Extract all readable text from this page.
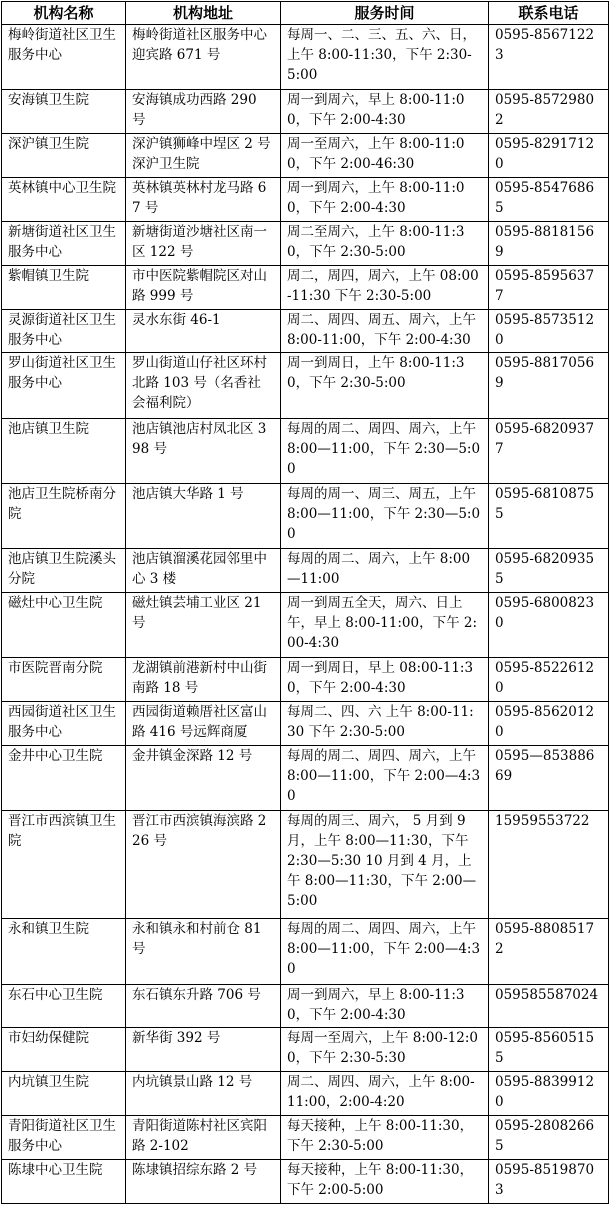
机构名称	机构地址	服务时间	联系电话
梅岭街道社区卫生服务中心	梅岭街道社区服务中心迎宾路 671 号	每周一、二、三、五、六、日，上午 8:00-11:30，下午 2:30-5:00	0595-85671223
安海镇卫生院	安海镇成功西路 290 号	周一到周六，早上 8:00-11:00，下午 2:00-4:30	0595-85729802
深沪镇卫生院	深沪镇狮峰中埕区 2 号深沪卫生院	周一至周六，上午 8:00-11:00，下午 2:00-46:30	0595-82917120
英林镇中心卫生院	英林镇英林村龙马路 67 号	周一到周六，上午 8:00-11:00，下午 2:00-4:30	0595-85476865
新塘街道社区卫生服务中心	新塘街道沙塘社区南一区 122 号	周二至周六，上午 8:00-11:30，下午 2:30-5:00	0595-88181569
紫帽镇卫生院	市中医院紫帽院区对山路 999 号	周二，周四，周六，上午 08:00-11:30 下午 2:30-5:00	0595-85956377
灵源街道社区卫生服务中心	灵水东街 46-1	周二、周四、周五、周六，上午 8:00-11:00，下午 2:00-4:30	0595-85735120
罗山街道社区卫生服务中心	罗山街道山仔社区环村北路 103 号（名香社会福利院）	周一到周日，上午 8:00-11:30，下午 2:30-5:00	0595-88170569
池店镇卫生院	池店镇池店村凤北区 398 号	每周的周二、周四、周六，上午 8:00—11:00，下午 2:30—5:00	0595-68209377
池店卫生院桥南分院	池店镇大华路 1 号	每周的周一、周三、周五，上午 8:00—11:00，下午 2:30—5:00	0595-68108755
池店镇卫生院溪头分院	池店镇溜溪花园邻里中心 3 楼	每周的周二、周六，上午 8:00—11:00	0595-68209355
磁灶中心卫生院	磁灶镇芸埔工业区 21 号	周一到周五全天，周六、日上午，早上 8:00-11:00，下午 2:00-4:30	0595-68008230
市医院晋南分院	龙湖镇前港新村中山街南路 18 号	周一到周日，早上 08:00-11:30，下午 2:00-4:30	0595-85226120
西园街道社区卫生服务中心	西园街道赖厝社区富山路 416 号远辉商厦	每周二、四、六 上午 8:00-11:30 下午 2:30-5:00	0595-85620120
金井中心卫生院	金井镇金深路 12 号	每周的周二、周四、周六，上午 8:00—11:00，下午 2:00—4:30	0595—85388669
晋江市西滨镇卫生院	晋江市西滨镇海滨路 226 号	每周的周三、周六， 5 月到 9 月，上午 8:00—11:30，下午 2:30—5:30 10 月到 4 月，上午 8:00—11:30，下午 2:00—5:00	15959553722
永和镇卫生院	永和镇永和村前仓 81 号	每周的周二、周四、周六，上午 8:00—11:00，下午 2:00—4:30	0595-88085172
东石中心卫生院	东石镇东升路 706 号	周一到周六，早上 8:00-11:30，下午 2:00-4:30	059585587024
市妇幼保健院	新华街 392 号	每周一至周六，上午 8:00-12:00，下午 2:30-5:30	0595-85605155
内坑镇卫生院	内坑镇景山路 12 号	周二、周四、周六，上午 8:00-11:00，2:00-4:20	0595-88399120
青阳街道社区卫生服务中心	青阳街道陈村社区宾阳路 2-102	每天接种，上午 8:00-11:30，下午 2:30-5:00	0595-28082665
陈埭中心卫生院	陈埭镇招综东路 2 号	每天接种，上午 8:00-11:30，下午 2:00-5:00	0595-85198703
